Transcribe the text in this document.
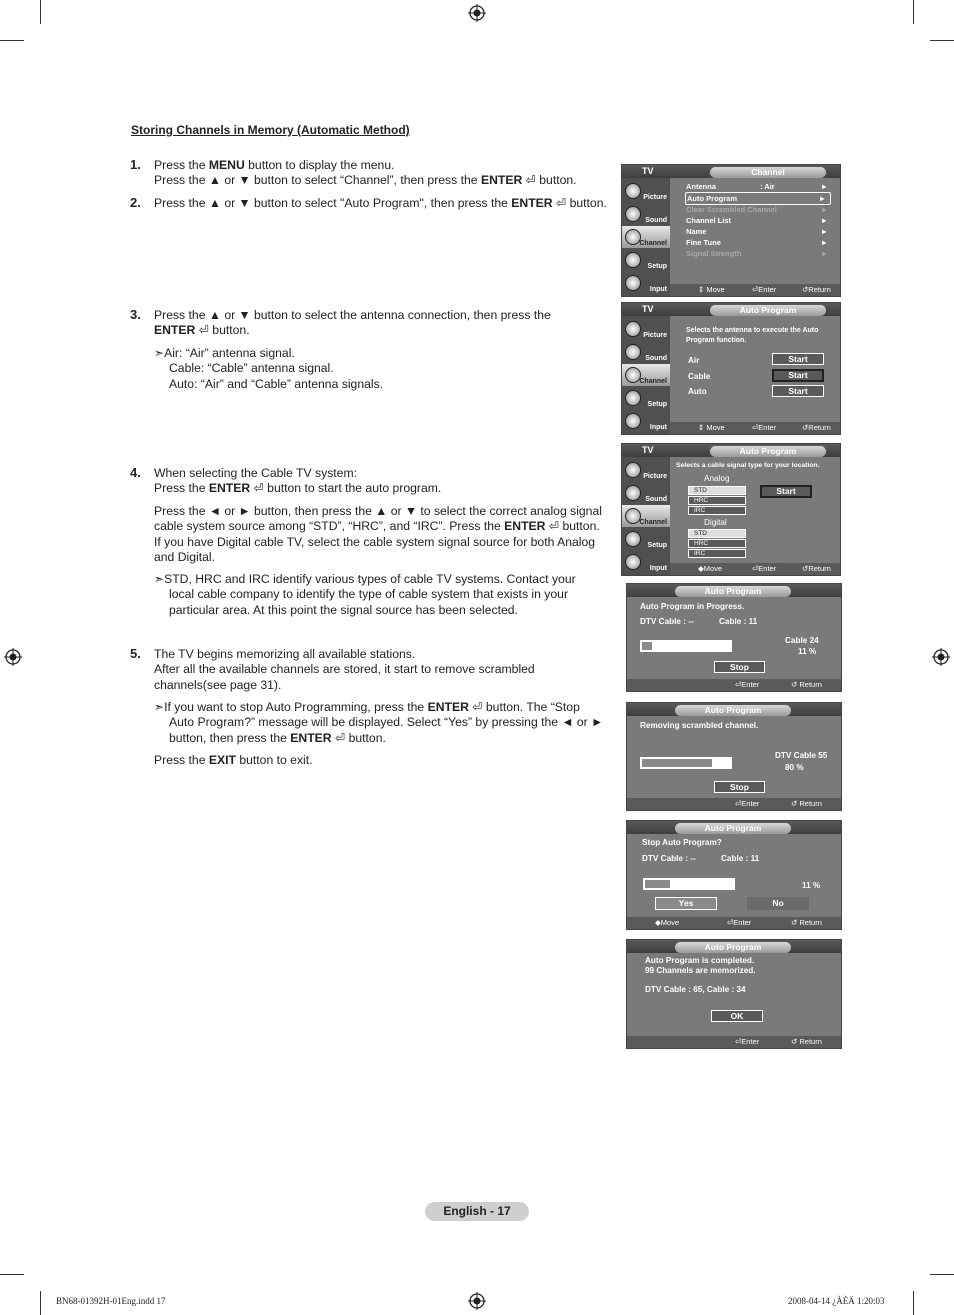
Storing Channels in Memory (Automatic Method)
1. Press the MENU button to display the menu.
Press the ▲ or ▼ button to select “Channel”, then press the ENTER ⏎ button.
2. Press the ▲ or ▼ button to select "Auto Program", then press the ENTER ⏎ button.
3. Press the ▲ or ▼ button to select the antenna connection, then press the
ENTER ⏎ button.
➣Air: “Air” antenna signal.
Cable: “Cable” antenna signal.
Auto: “Air” and “Cable” antenna signals.
4. When selecting the Cable TV system:
Press the ENTER ⏎ button to start the auto program.
Press the ◄ or ► button, then press the ▲ or ▼ to select the correct analog signal
cable system source among “STD”, “HRC”, and “IRC”. Press the ENTER ⏎ button.
If you have Digital cable TV, select the cable system signal source for both Analog
and Digital.
➣STD, HRC and IRC identify various types of cable TV systems. Contact your
local cable company to identify the type of cable system that exists in your
particular area. At this point the signal source has been selected.
5. The TV begins memorizing all available stations.
After all the available channels are stored, it start to remove scrambled
channels(see page 31).
➣If you want to stop Auto Programming, press the ENTER ⏎ button. The “Stop
Auto Program?” message will be displayed. Select “Yes” by pressing the ◄ or ►
button, then press the ENTER ⏎ button.
Press the EXIT button to exit.
TV	Channel
Picture
Sound
Channel
Setup
Input
Antenna	: Air	►
Auto Program	►
Clear Scrambled Channel	►
Channel List	►
Name	►
Fine Tune	►
Signal Strength	►
⇕ Move	⏎Enter	↺Return
TV	Auto Program
Picture
Sound
Channel
Setup
Input
Selects the antenna to execute the Auto
Program function.
Air	Start
Cable	Start
Auto	Start
⇕ Move	⏎Enter	↺Return
TV	Auto Program
Picture
Sound
Channel
Setup
Input
Selects a cable signal type for your location.
Analog
STD
HRC
IRC
Digital
STD
HRC
IRC
Start
◆Move	⏎Enter	↺Return
Auto Program
Auto Program in Progress.
DTV Cable : --	Cable : 11
Cable 24
11 %
Stop
⏎Enter	↺ Return
Auto Program
Removing scrambled channel.
DTV Cable 55
80 %
Stop
⏎Enter	↺ Return
Auto Program
Stop Auto Program?
DTV Cable : --	Cable : 11
11 %
Yes	No
◆Move	⏎Enter	↺ Return
Auto Program
Auto Program is completed.
99 Channels are memorized.
DTV Cable : 65, Cable : 34
OK
⏎Enter	↺ Return
English - 17
BN68-01392H-01Eng.indd 17	2008-04-14 ¿ÀÈÄ 1:20:03
